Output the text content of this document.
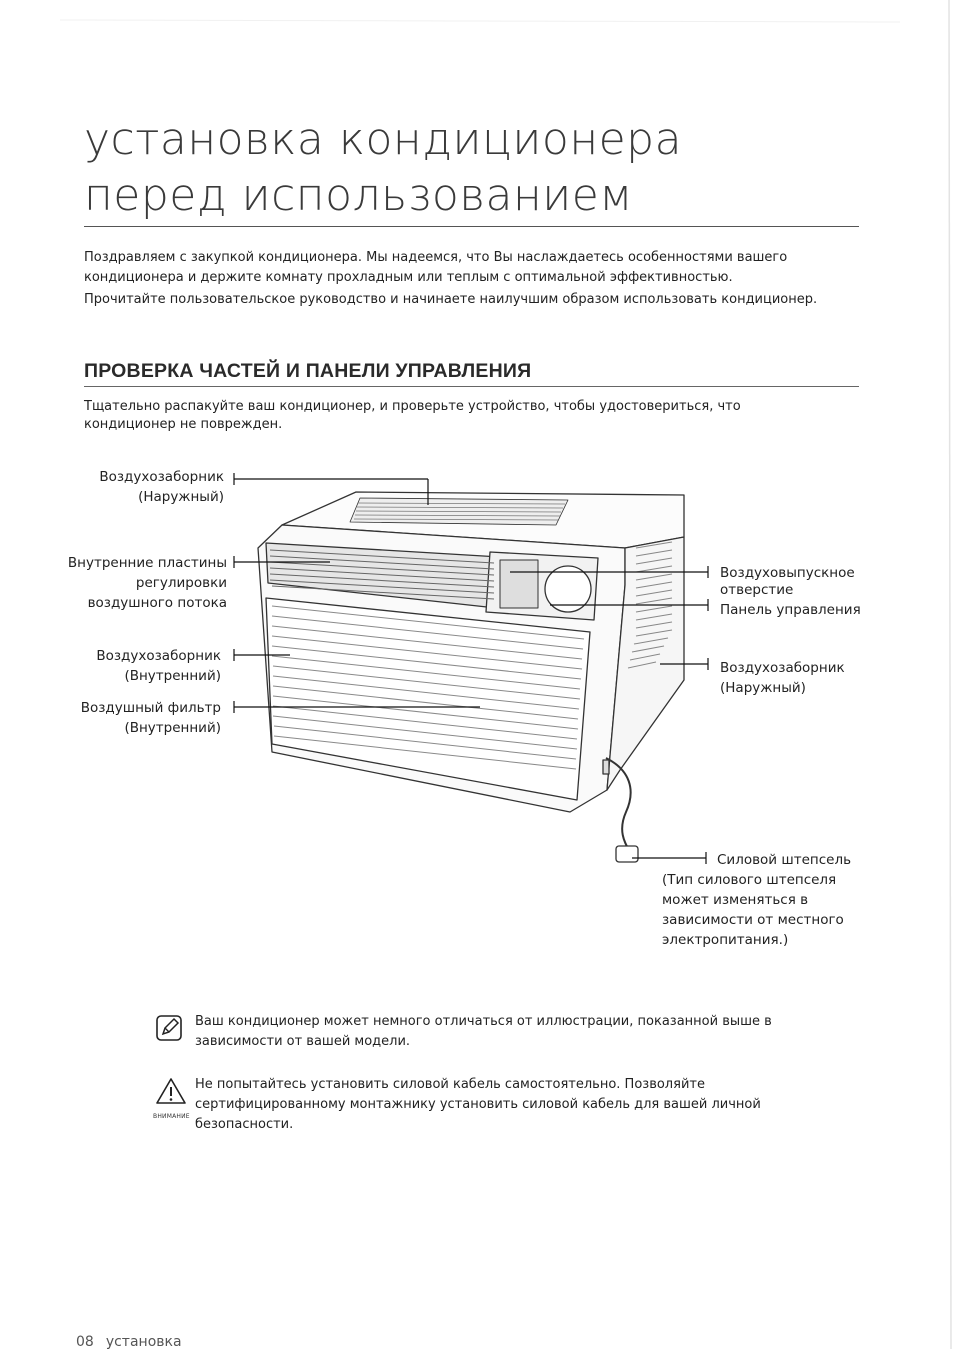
установка кондиционера
перед использованием

Поздравляем с закупкой кондиционера. Мы надеемся, что Вы наслаждаетесь особенностями вашего
кондиционера и держите комнату прохладным или теплым с оптимальной эффективностью.

Прочитайте пользовательское руководство и начинаете наилучшим образом использовать кондиционер.

ПРОВЕРКА ЧАСТЕЙ И ПАНЕЛИ УПРАВЛЕНИЯ

Тщательно распакуйте ваш кондиционер, и проверьте устройство, чтобы удостовериться, что
кондиционер не поврежден.

Воздухозаборник
(Наружный)
Внутренние пластины
регулировки
воздушного потока
Воздухозаборник
(Внутренний)
Воздушный фильтр
(Внутренний)
Воздуховыпускное
отверстие
Панель управления
Воздухозаборник
(Наружный)
Силовой штепсель
(Тип силового штепселя
может изменяться в
зависимости от местного
электропитания.)
Ваш кондиционер может немного отличаться от иллюстрации, показанной выше в
зависимости от вашей модели.
ВНИМАНИЕ
Не попытайтесь установить силовой кабель самостоятельно. Позволяйте
сертифицированному монтажнику установить силовой кабель для вашей личной
безопасности.
08 установка
